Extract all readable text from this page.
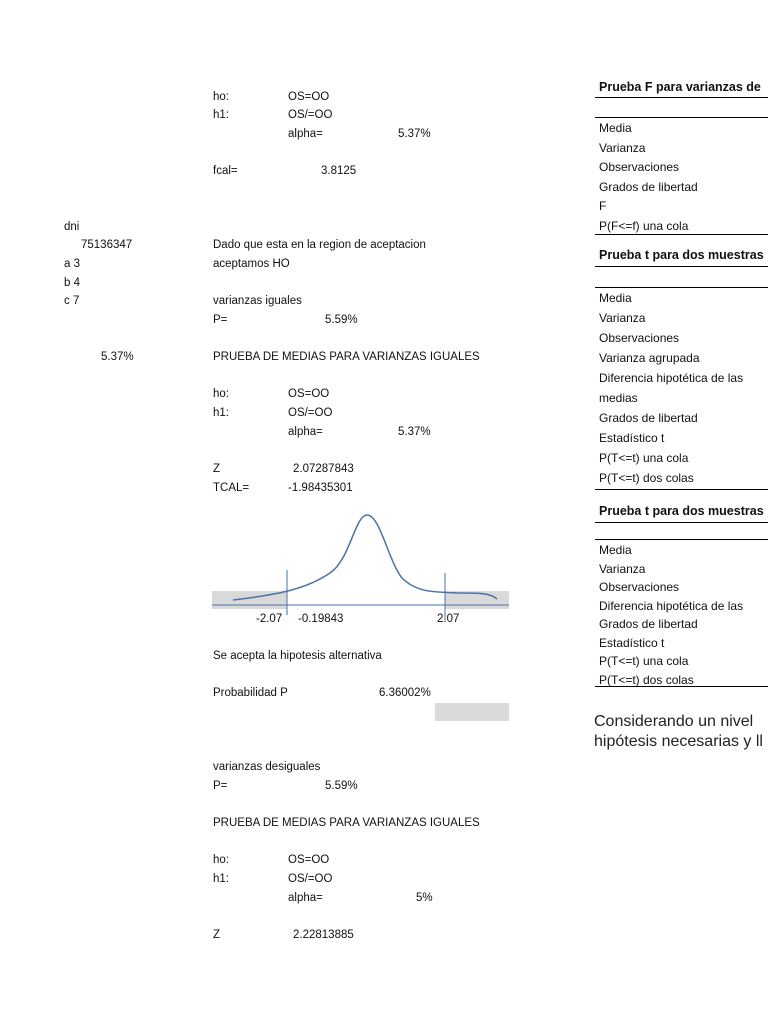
dni
75136347
a 3
b 4
c 7
5.37%
ho:	OS=OO
h1:	OS/=OO
alpha=	5.37%
fcal=	3.8125
Dado que esta en la region de aceptacion
aceptamos HO
varianzas iguales
P=	5.59%
PRUEBA DE MEDIAS PARA VARIANZAS IGUALES
ho:	OS=OO
h1:	OS/=OO
alpha=	5.37%
Z	2.07287843
TCAL=	-1.98435301
-2.07 -0.19843	2.07
Se acepta la hipotesis alternativa
Probabilidad P	6.36002%
varianzas desiguales
P=	5.59%
PRUEBA DE MEDIAS PARA VARIANZAS IGUALES
ho:	OS=OO
h1:	OS/=OO
alpha=	5%
Z	2.22813885
Prueba F para varianzas de
Media
Varianza
Observaciones
Grados de libertad
F
P(F<=f) una cola
Prueba t para dos muestras
Media
Varianza
Observaciones
Varianza agrupada
Diferencia hipotética de las
medias
Grados de libertad
Estadístico t
P(T<=t) una cola
P(T<=t) dos colas
Prueba t para dos muestras
Media
Varianza
Observaciones
Diferencia hipotética de las
Grados de libertad
Estadístico t
P(T<=t) una cola
P(T<=t) dos colas
Considerando un nivel
hipótesis necesarias y ll
